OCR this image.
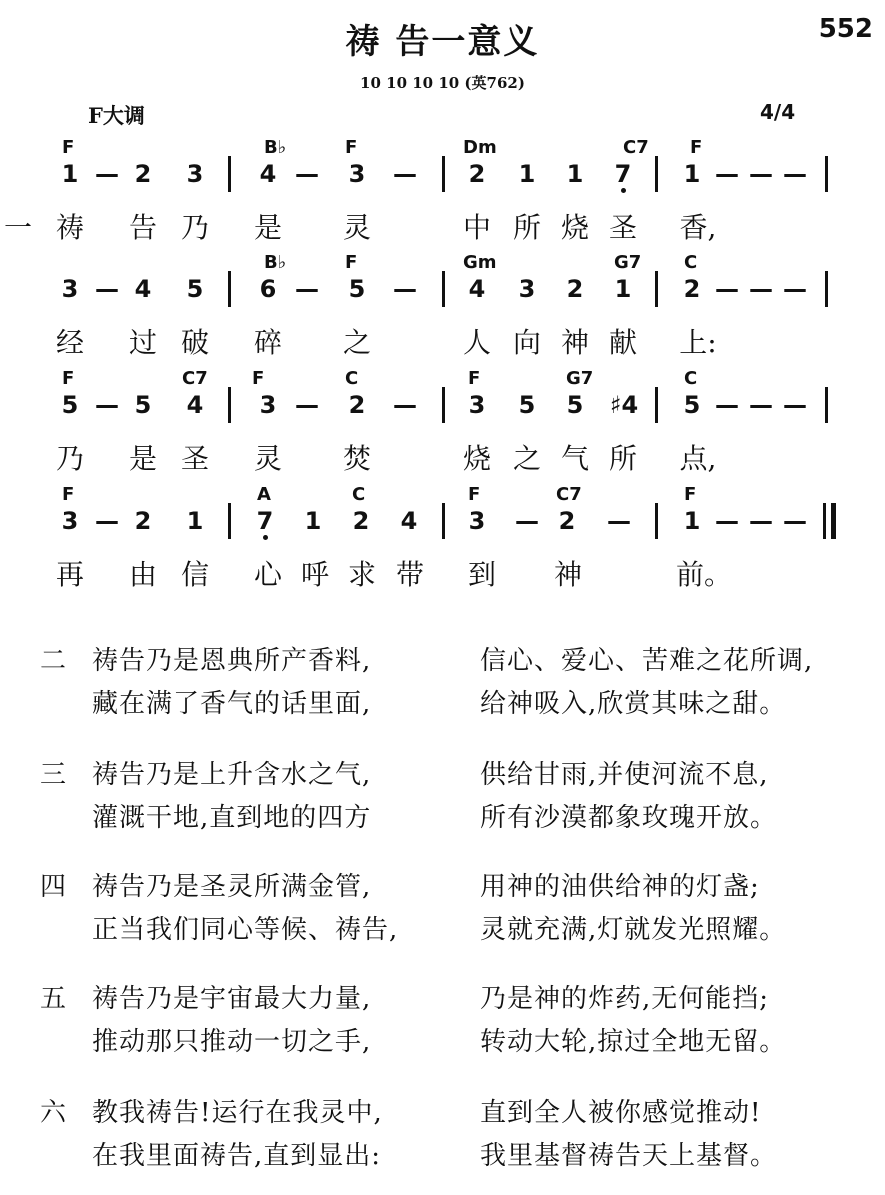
祷 告一意义	552
10 10 10 10 (英762)
F大调	4/4
F	B♭	F	Dm	C7 F
1 — 2 3 4 — 3 — 2 1 1 7 1 — — —
一 祷 告 乃 是 灵	中 所 烧 圣 香,
B♭	F	Gm	G7 C
3 — 4 5 6 — 5 — 4 3 2 1 2 — — —
经 过 破 碎 之	人 向 神 献 上:
F	C7 F	C	F	G7	C
5 — 5 4 3 — 2 — 3 5 5 ♯4 5 — — —
乃 是 圣 灵 焚	烧 之 气 所 点,
F	A	C	F	C7	F
3 — 2 1 7 1 2 4 3 — 2 — 1 — — —
再 由 信 心 呼 求 带 到 神	前。
二 祷告乃是恩典所产香料,	信心、爱心、苦难之花所调,
藏在满了香气的话里面,	给神吸入,欣赏其味之甜。
三 祷告乃是上升含水之气,	供给甘雨,并使河流不息,
灌溉干地,直到地的四方	所有沙漠都象玫瑰开放。
四 祷告乃是圣灵所满金管,	用神的油供给神的灯盏;
正当我们同心等候、祷告,	灵就充满,灯就发光照耀。
五 祷告乃是宇宙最大力量,	乃是神的炸药,无何能挡;
推动那只推动一切之手,	转动大轮,掠过全地无留。
六 教我祷告!运行在我灵中,	直到全人被你感觉推动!
在我里面祷告,直到显出:	我里基督祷告天上基督。
